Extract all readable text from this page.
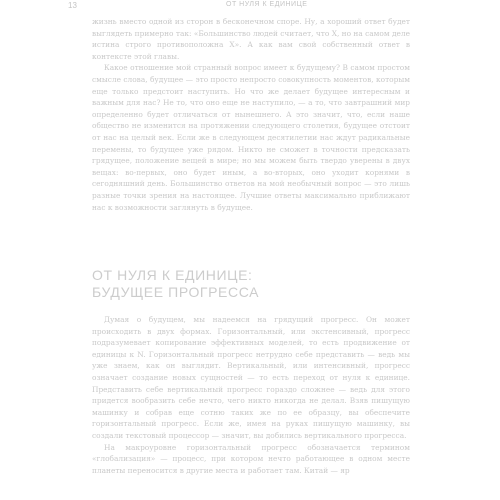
13	ОТ НУЛЯ К ЕДИНИЦЕ

жизнь вместо одной из сторон в бесконечном споре. Ну, а хороший ответ будет выглядеть примерно так: «Большинство людей считает, что X, но на самом деле истина строго противоположна X». А как вам свой собственный ответ в контексте этой главы.

Какое отношение мой странный вопрос имеет к будущему? В самом простом смысле слова, будущее — это просто непросто совокупность моментов, которым еще только предстоит наступить. Но что же делает будущее интересным и важным для нас? Не то, что оно еще не наступило, — а то, что завтрашний мир определенно будет отличаться от нынешнего. А это значит, что, если наше общество не изменится на протяжении следующего столетия, будущее отстоит от нас на целый век. Если же в следующем десятилетии нас ждут радикальные перемены, то будущее уже рядом. Никто не сможет в точности предсказать грядущее, положение вещей в мире; но мы можем быть твердо уверены в двух вещах: во-первых, оно будет иным, а во-вторых, оно уходит корнями в сегодняшний день. Большинство ответов на мой необычный вопрос — это лишь разные точки зрения на настоящее. Лучшие ответы максимально приближают нас к возможности заглянуть в будущее.

ОТ НУЛЯ К ЕДИНИЦЕ:
БУДУЩЕЕ ПРОГРЕССА

Думая о будущем, мы надеемся на грядущий прогресс. Он может происходить в двух формах. Горизонтальный, или экстенсивный, прогресс подразумевает копирование эффективных моделей, то есть продвижение от единицы к N. Горизонтальный прогресс нетрудно себе представить — ведь мы уже знаем, как он выглядит. Вертикальный, или интенсивный, прогресс означает создание новых сущностей — то есть переход от нуля к единице. Представить себе вертикальный прогресс гораздо сложнее — ведь для этого придется вообразить себе нечто, чего никто никогда не делал. Взяв пишущую машинку и собрав еще сотню таких же по ее образцу, вы обеспечите горизонтальный прогресс. Если же, имея на руках пишущую машинку, вы создали текстовый процессор — значит, вы добились вертикального прогресса.

На макроуровне горизонтальный прогресс обозначается термином «глобализация» — процесс, при котором нечто работающее в одном месте планеты переносится в другие места и работает там. Китай — яр
